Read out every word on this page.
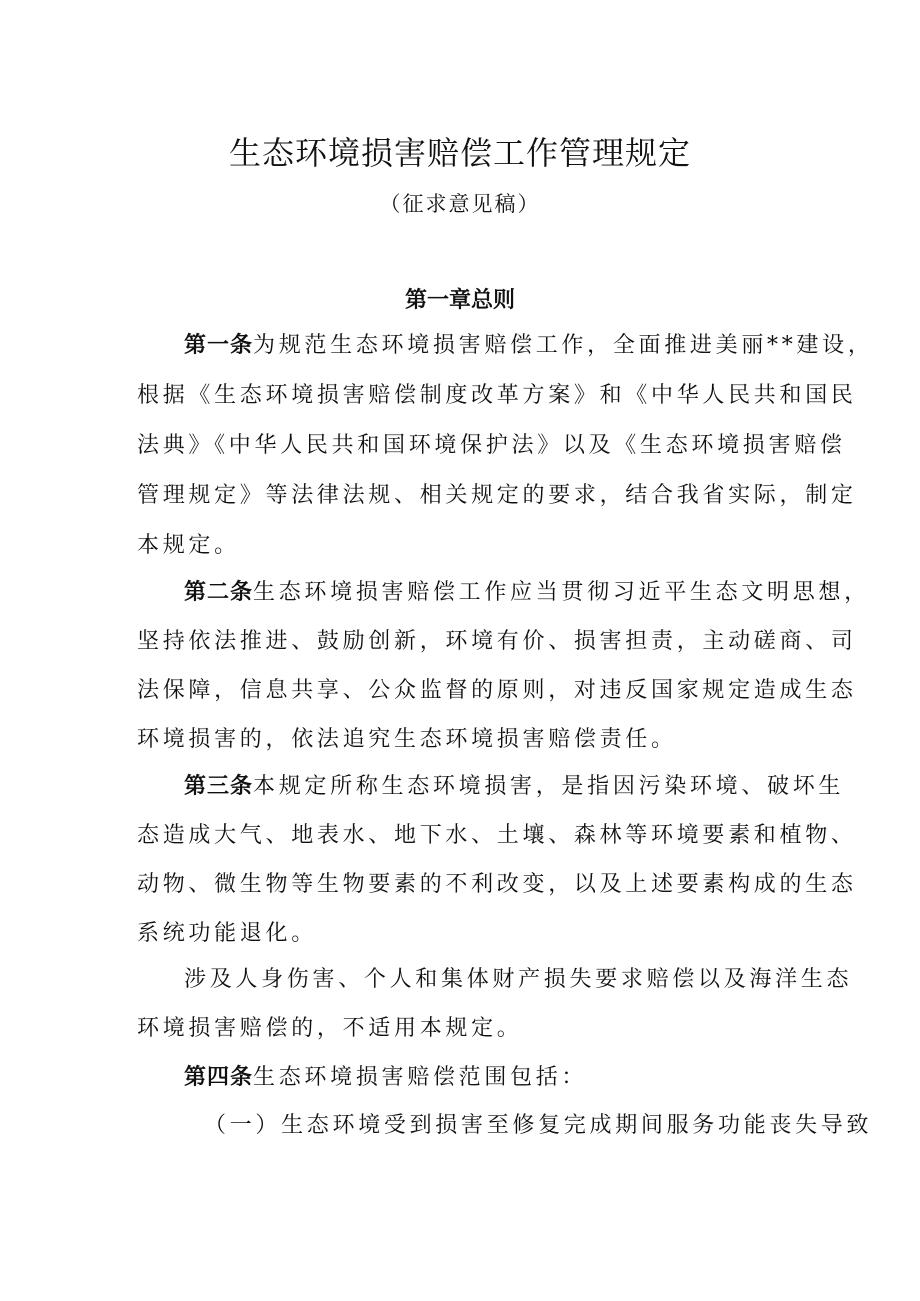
生态环境损害赔偿工作管理规定
（征求意见稿）
第一章总则
第一条为规范生态环境损害赔偿工作，全面推进美丽**建设，
根据《生态环境损害赔偿制度改革方案》和《中华人民共和国民
法典》《中华人民共和国环境保护法》以及《生态环境损害赔偿
管理规定》等法律法规、相关规定的要求，结合我省实际，制定
本规定。
第二条生态环境损害赔偿工作应当贯彻习近平生态文明思想，
坚持依法推进、鼓励创新，环境有价、损害担责，主动磋商、司
法保障，信息共享、公众监督的原则，对违反国家规定造成生态
环境损害的，依法追究生态环境损害赔偿责任。
第三条本规定所称生态环境损害，是指因污染环境、破坏生
态造成大气、地表水、地下水、土壤、森林等环境要素和植物、
动物、微生物等生物要素的不利改变，以及上述要素构成的生态
系统功能退化。
涉及人身伤害、个人和集体财产损失要求赔偿以及海洋生态
环境损害赔偿的，不适用本规定。
第四条生态环境损害赔偿范围包括：
（一）生态环境受到损害至修复完成期间服务功能丧失导致
